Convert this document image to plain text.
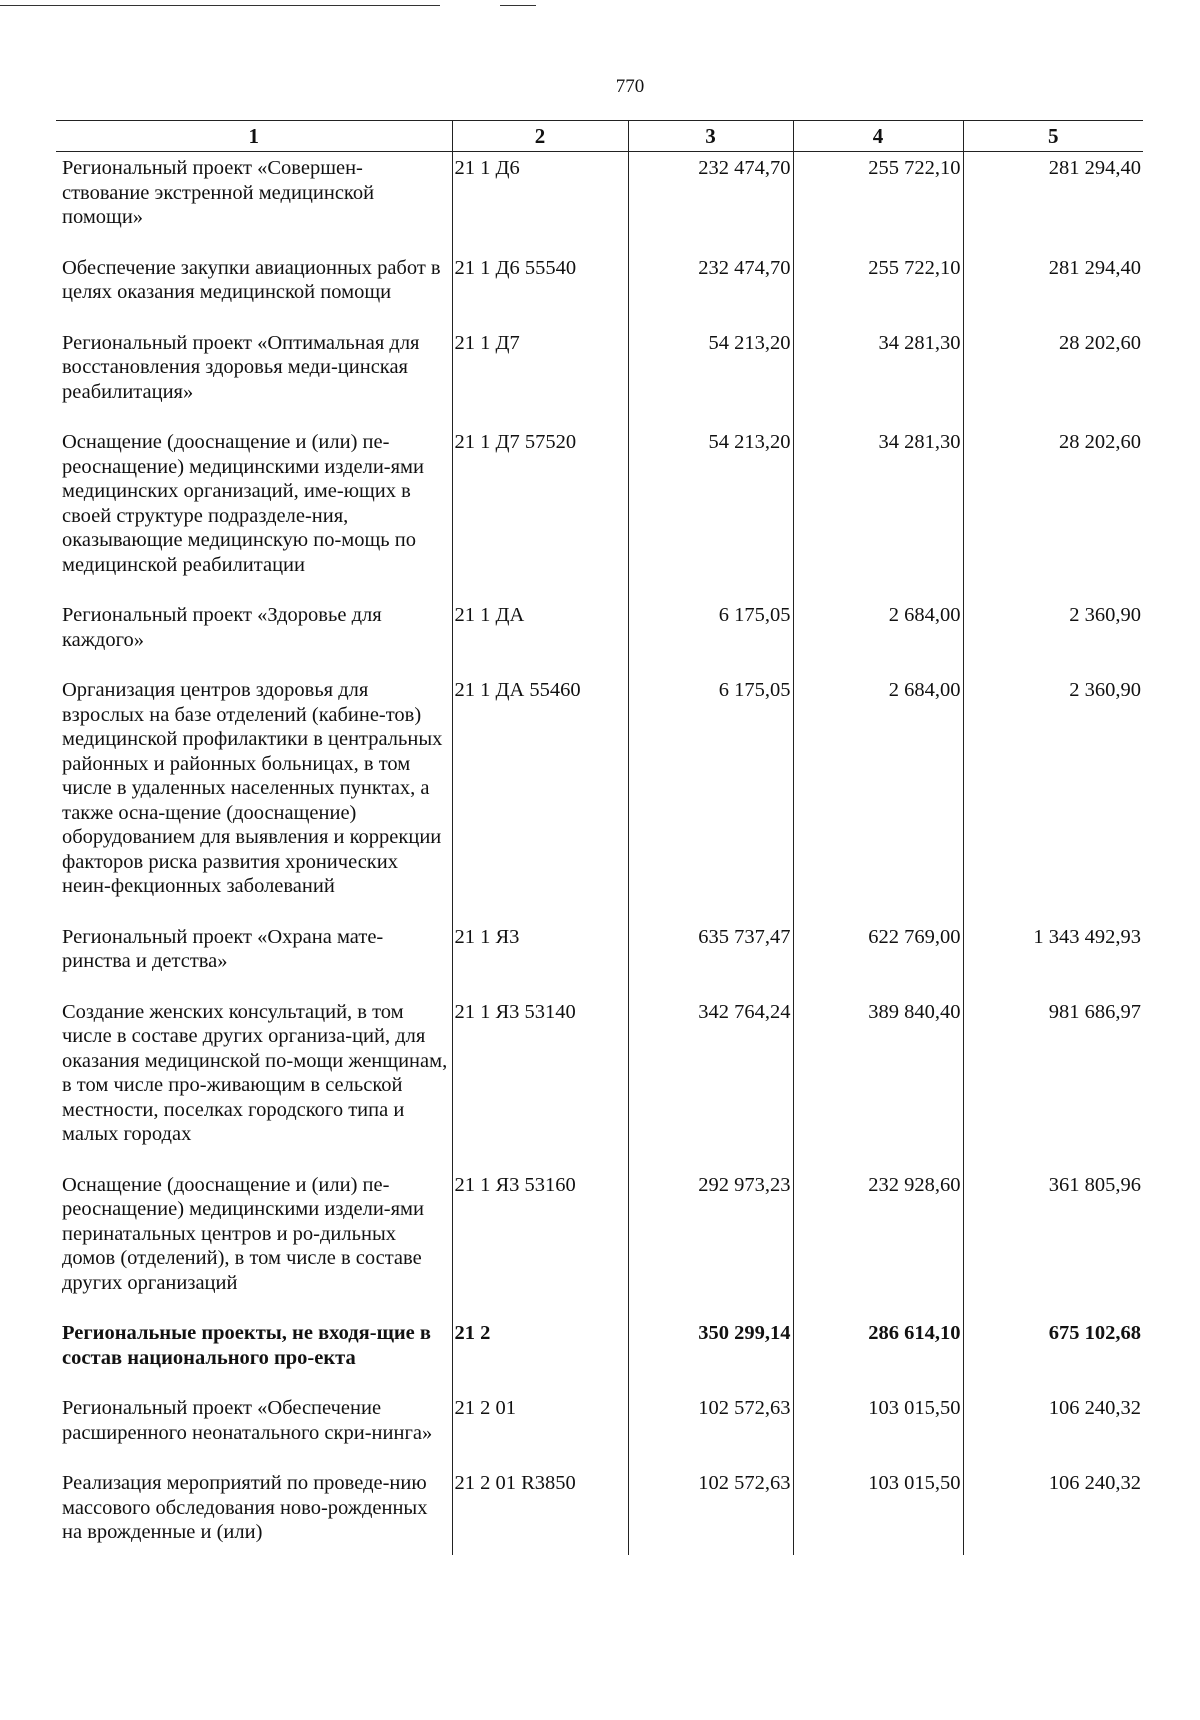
770
1	2	3	4	5
Региональный проект «Совершен-ствование экстренной медицинской помощи»	21 1 Д6	232 474,70	255 722,10	281 294,40
Обеспечение закупки авиационных работ в целях оказания медицинской помощи	21 1 Д6 55540	232 474,70	255 722,10	281 294,40
Региональный проект «Оптимальная для восстановления здоровья меди-цинская реабилитация»	21 1 Д7	54 213,20	34 281,30	28 202,60
Оснащение (дооснащение и (или) пе-реоснащение) медицинскими издели-ями медицинских организаций, име-ющих в своей структуре подразделе-ния, оказывающие медицинскую по-мощь по медицинской реабилитации	21 1 Д7 57520	54 213,20	34 281,30	28 202,60
Региональный проект «Здоровье для каждого»	21 1 ДА	6 175,05	2 684,00	2 360,90
Организация центров здоровья для взрослых на базе отделений (кабине-тов) медицинской профилактики в центральных районных и районных больницах, в том числе в удаленных населенных пунктах, а также осна-щение (дооснащение) оборудованием для выявления и коррекции факторов риска развития хронических неин-фекционных заболеваний	21 1 ДА 55460	6 175,05	2 684,00	2 360,90
Региональный проект «Охрана мате-ринства и детства»	21 1 Я3	635 737,47	622 769,00	1 343 492,93
Создание женских консультаций, в том числе в составе других организа-ций, для оказания медицинской по-мощи женщинам, в том числе про-живающим в сельской местности, поселках городского типа и малых городах	21 1 Я3 53140	342 764,24	389 840,40	981 686,97
Оснащение (дооснащение и (или) пе-реоснащение) медицинскими издели-ями перинатальных центров и ро-дильных домов (отделений), в том числе в составе других организаций	21 1 Я3 53160	292 973,23	232 928,60	361 805,96
Региональные проекты, не входя-щие в состав национального про-екта	21 2	350 299,14	286 614,10	675 102,68
Региональный проект «Обеспечение расширенного неонатального скри-нинга»	21 2 01	102 572,63	103 015,50	106 240,32
Реализация мероприятий по проведе-нию массового обследования ново-рожденных на врожденные и (или)	21 2 01 R3850	102 572,63	103 015,50	106 240,32
